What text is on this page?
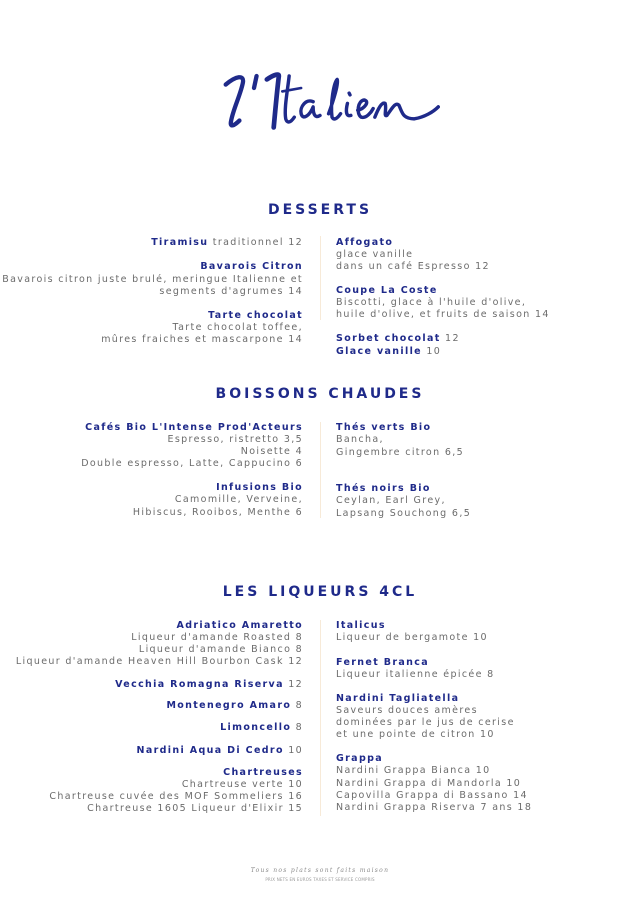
DESSERTS
Tiramisu traditionnel 12
Bavarois Citron
Bavarois citron juste brulé, meringue Italienne et
segments d'agrumes 14
Tarte chocolat
Tarte chocolat toffee,
mûres fraiches et mascarpone 14
Affogato
glace vanille
dans un café Espresso 12
Coupe La Coste
Biscotti, glace à l'huile d'olive,
huile d'olive, et fruits de saison 14
Sorbet chocolat 12
Glace vanille 10
BOISSONS CHAUDES
Cafés Bio L'Intense Prod'Acteurs
Espresso, ristretto 3,5
Noisette 4
Double espresso, Latte, Cappucino 6
Infusions Bio
Camomille, Verveine,
Hibiscus, Rooibos, Menthe 6
Thés verts Bio
Bancha,
Gingembre citron 6,5
Thés noirs Bio
Ceylan, Earl Grey,
Lapsang Souchong 6,5
LES LIQUEURS 4CL
Adriatico Amaretto
Liqueur d'amande Roasted 8
Liqueur d'amande Bianco 8
Liqueur d'amande Heaven Hill Bourbon Cask 12
Vecchia Romagna Riserva 12
Montenegro Amaro 8
Limoncello 8
Nardini Aqua Di Cedro 10
Chartreuses
Chartreuse verte 10
Chartreuse cuvée des MOF Sommeliers 16
Chartreuse 1605 Liqueur d'Elixir 15
Italicus
Liqueur de bergamote 10
Fernet Branca
Liqueur italienne épicée 8
Nardini Tagliatella
Saveurs douces amères
dominées par le jus de cerise
et une pointe de citron 10
Grappa
Nardini Grappa Bianca 10
Nardini Grappa di Mandorla 10
Capovilla Grappa di Bassano 14
Nardini Grappa Riserva 7 ans 18
Tous nos plats sont faits maison
PRIX NETS EN EUROS TAXES ET SERVICE COMPRIS
